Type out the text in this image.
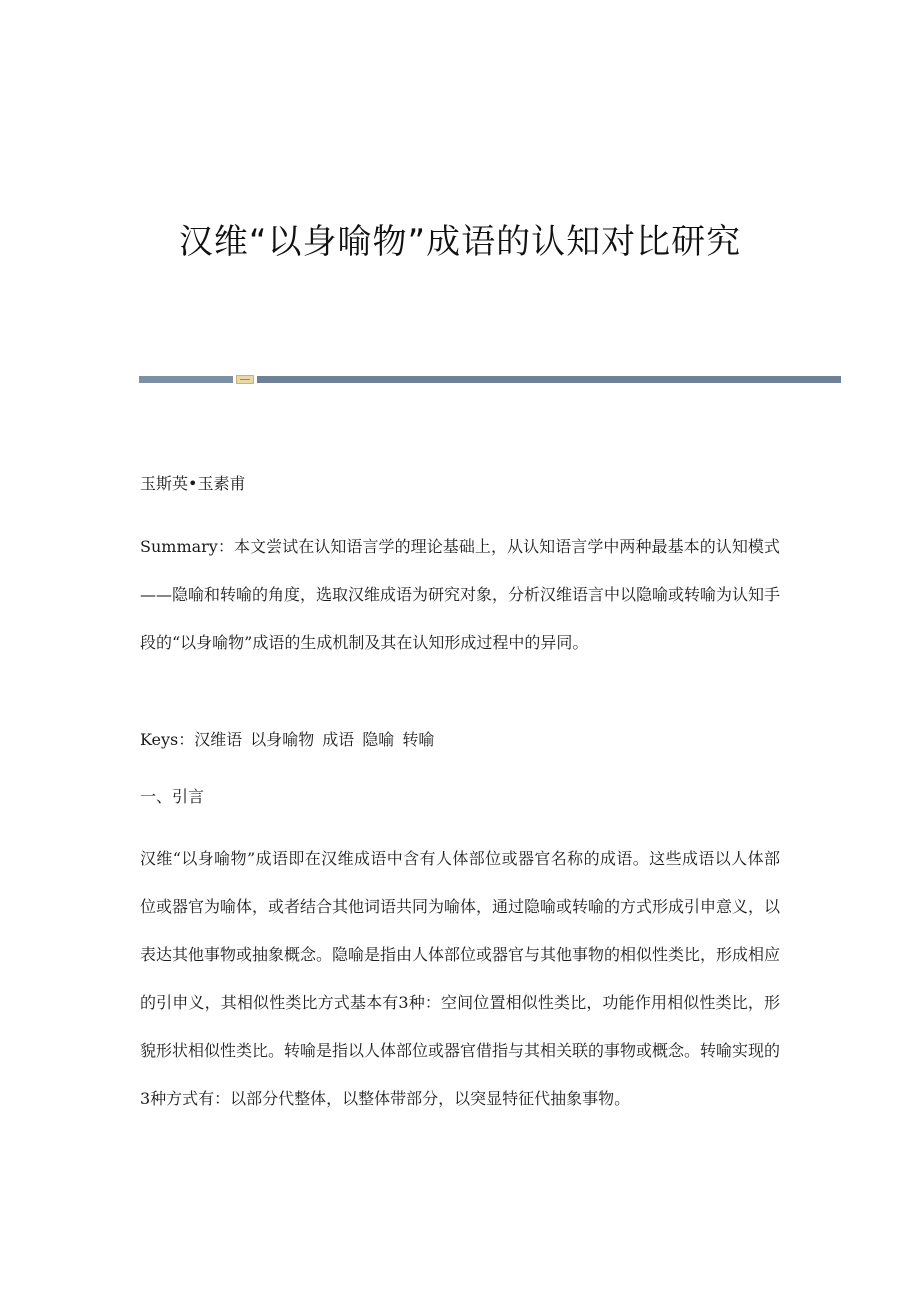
汉维“以身喻物”成语的认知对比研究

玉斯英•玉素甫

Summary：本文尝试在认知语言学的理论基础上，从认知语言学中两种最基本的认知模式——隐喻和转喻的角度，选取汉维成语为研究对象，分析汉维语言中以隐喻或转喻为认知手段的“以身喻物”成语的生成机制及其在认知形成过程中的异同。

Keys：汉维语 以身喻物 成语 隐喻 转喻

一、引言

汉维“以身喻物”成语即在汉维成语中含有人体部位或器官名称的成语。这些成语以人体部位或器官为喻体，或者结合其他词语共同为喻体，通过隐喻或转喻的方式形成引申意义，以表达其他事物或抽象概念。隐喻是指由人体部位或器官与其他事物的相似性类比，形成相应的引申义，其相似性类比方式基本有3种：空间位置相似性类比，功能作用相似性类比，形貌形状相似性类比。转喻是指以人体部位或器官借指与其相关联的事物或概念。转喻实现的3种方式有：以部分代整体，以整体带部分，以突显特征代抽象事物。
